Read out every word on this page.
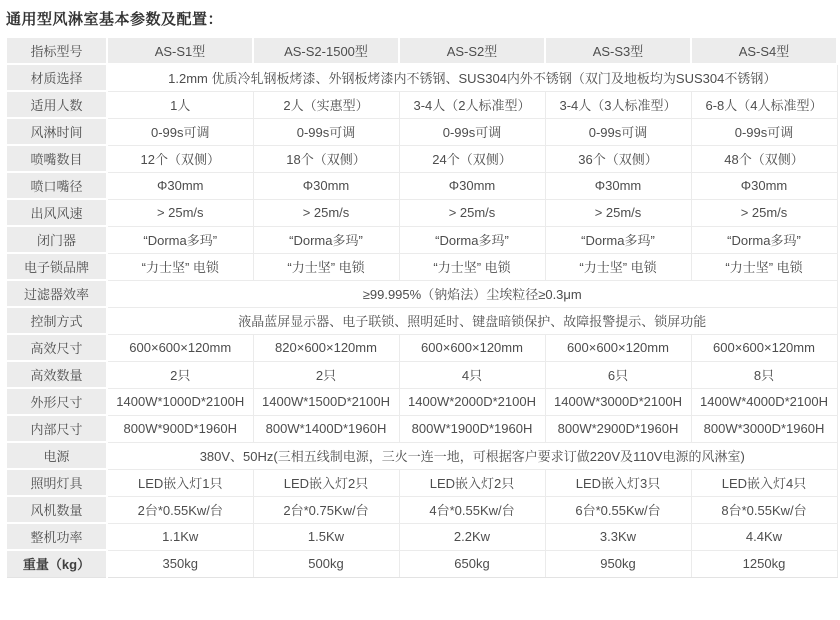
通用型风淋室基本参数及配置：
指标型号	AS-S1型	AS-S2-1500型	AS-S2型	AS-S3型	AS-S4型
材质选择	1.2mm 优质冷轧钢板烤漆、外钢板烤漆内不锈钢、SUS304内外不锈钢（双门及地板均为SUS304不锈钢）				
适用人数	1人	2人（实惠型）	3-4人（2人标准型）	3-4人（3人标准型）	6-8人（4人标准型）
风淋时间	0-99s可调	0-99s可调	0-99s可调	0-99s可调	0-99s可调
喷嘴数目	12个（双侧）	18个（双侧）	24个（双侧）	36个（双侧）	48个（双侧）
喷口嘴径	Φ30mm	Φ30mm	Φ30mm	Φ30mm	Φ30mm
出风风速	> 25m/s	> 25m/s	> 25m/s	> 25m/s	> 25m/s
闭门器	“Dorma多玛”	“Dorma多玛”	“Dorma多玛”	“Dorma多玛”	“Dorma多玛”
电子锁品牌	“力士坚” 电锁	“力士坚” 电锁	“力士坚” 电锁	“力士坚” 电锁	“力士坚” 电锁
过滤器效率	≥99.995%（钠焰法）尘埃粒径≥0.3μm				
控制方式	液晶蓝屏显示器、电子联锁、照明延时、键盘暗锁保护、故障报警提示、锁屏功能				
高效尺寸	600×600×120mm	820×600×120mm	600×600×120mm	600×600×120mm	600×600×120mm
高效数量	2只	2只	4只	6只	8只
外形尺寸	1400W*1000D*2100H	1400W*1500D*2100H	1400W*2000D*2100H	1400W*3000D*2100H	1400W*4000D*2100H
内部尺寸	800W*900D*1960H	800W*1400D*1960H	800W*1900D*1960H	800W*2900D*1960H	800W*3000D*1960H
电源	380V、50Hz(三相五线制电源，三火一连一地，可根据客户要求订做220V及110V电源的风淋室)				
照明灯具	LED嵌入灯1只	LED嵌入灯2只	LED嵌入灯2只	LED嵌入灯3只	LED嵌入灯4只
风机数量	2台*0.55Kw/台	2台*0.75Kw/台	4台*0.55Kw/台	6台*0.55Kw/台	8台*0.55Kw/台
整机功率	1.1Kw	1.5Kw	2.2Kw	3.3Kw	4.4Kw
重量（kg）	350kg	500kg	650kg	950kg	1250kg
